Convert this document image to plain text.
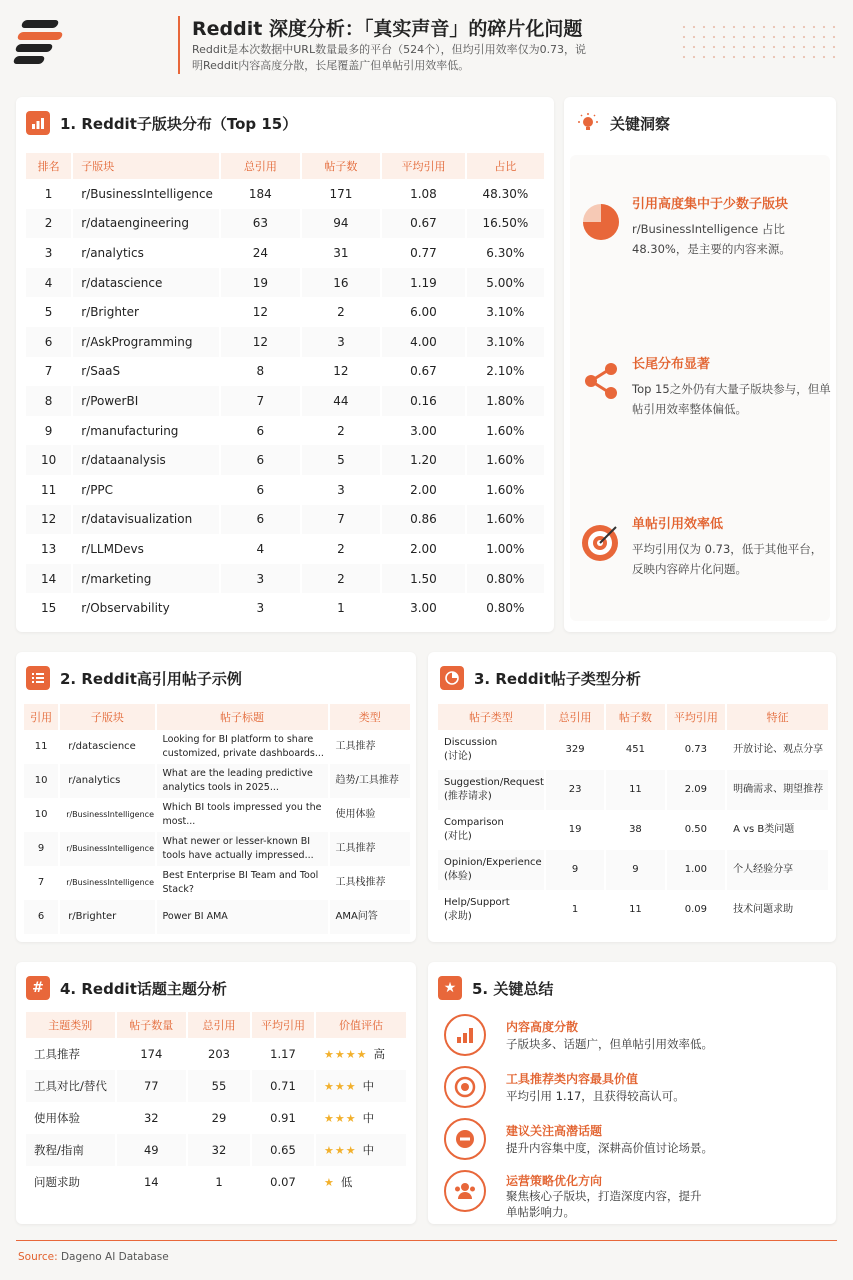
Reddit 深度分析：「真实声音」的碎片化问题
Reddit是本次数据中URL数量最多的平台（524个），但均引用效率仅为0.73，说明Reddit内容高度分散，长尾覆盖广但单帖引用效率低。
1. Reddit子版块分布（Top 15）
排名	子版块	总引用	帖子数	平均引用	占比
1	r/BusinessIntelligence	184	171	1.08	48.30%
2	r/dataengineering	63	94	0.67	16.50%
3	r/analytics	24	31	0.77	6.30%
4	r/datascience	19	16	1.19	5.00%
5	r/Brighter	12	2	6.00	3.10%
6	r/AskProgramming	12	3	4.00	3.10%
7	r/SaaS	8	12	0.67	2.10%
8	r/PowerBI	7	44	0.16	1.80%
9	r/manufacturing	6	2	3.00	1.60%
10	r/dataanalysis	6	5	1.20	1.60%
11	r/PPC	6	3	2.00	1.60%
12	r/datavisualization	6	7	0.86	1.60%
13	r/LLMDevs	4	2	2.00	1.00%
14	r/marketing	3	2	1.50	0.80%
15	r/Observability	3	1	3.00	0.80%
关键洞察
引用高度集中于少数子版块
r/BusinessIntelligence 占比 48.30%，是主要的内容来源。
长尾分布显著
Top 15之外仍有大量子版块参与，但单帖引用效率整体偏低。
单帖引用效率低
平均引用仅为 0.73，低于其他平台，反映内容碎片化问题。
2. Reddit高引用帖子示例
引用	子版块	帖子标题	类型
11	r/datascience	Looking for BI platform to share customized, private dashboards...	工具推荐
10	r/analytics	What are the leading predictive analytics tools in 2025...	趋势/工具推荐
10	r/BusinessIntelligence	Which BI tools impressed you the most...	使用体验
9	r/BusinessIntelligence	What newer or lesser-known BI tools have actually impressed...	工具推荐
7	r/BusinessIntelligence	Best Enterprise BI Team and Tool Stack?	工具栈推荐
6	r/Brighter	Power BI AMA	AMA问答
3. Reddit帖子类型分析
帖子类型	总引用	帖子数	平均引用	特征

Discussion
(讨论)	329	451	0.73	开放讨论、观点分享

Suggestion/Request
(推荐请求)	23	11	2.09	明确需求、期望推荐

Comparison
(对比)	19	38	0.50	A vs B类问题

Opinion/Experience
(体验)	9	9	1.00	个人经验分享

Help/Support
(求助)	1	11	0.09	技术问题求助
#	4. Reddit话题主题分析
主题类别	帖子数量	总引用	平均引用	价值评估
工具推荐	174	203	1.17	★★★★ 高
工具对比/替代	77	55	0.71	★★★ 中
使用体验	32	29	0.91	★★★ 中
教程/指南	49	32	0.65	★★★ 中
问题求助	14	1	0.07	★ 低
★	5. 关键总结
内容高度分散
子版块多、话题广，但单帖引用效率低。
工具推荐类内容最具价值
平均引用 1.17，且获得较高认可。
建议关注高潜话题
提升内容集中度，深耕高价值讨论场景。
运营策略优化方向
聚焦核心子版块，打造深度内容，提升单帖影响力。
Source: Dageno AI Database
